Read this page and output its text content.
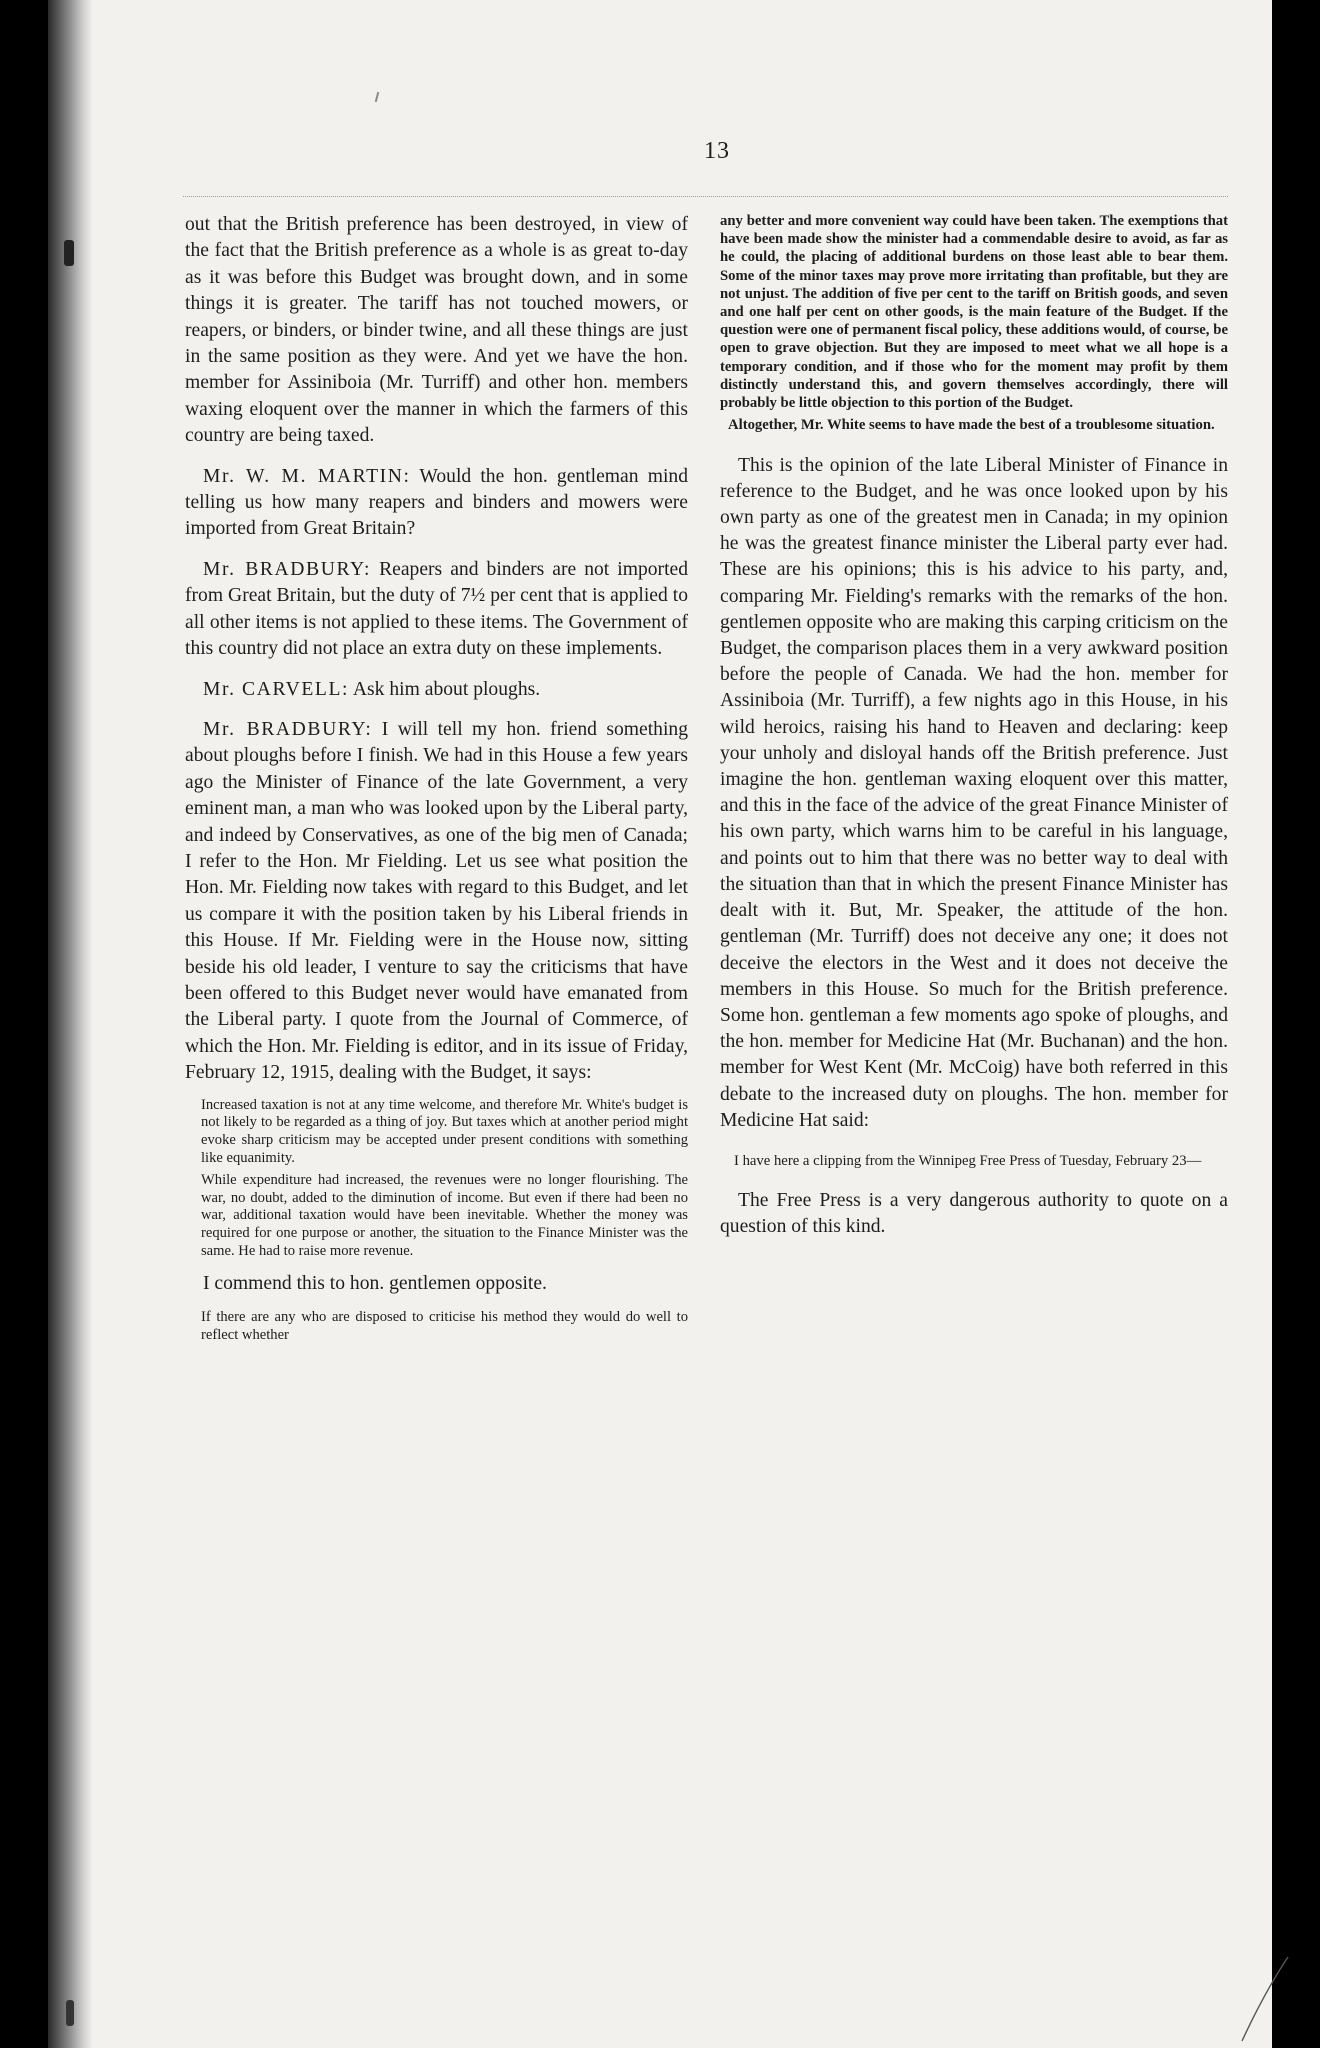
13

out that the British preference has been destroyed, in view of the fact that the British preference as a whole is as great to-day as it was before this Budget was brought down, and in some things it is greater. The tariff has not touched mowers, or reapers, or binders, or binder twine, and all these things are just in the same position as they were. And yet we have the hon. member for Assiniboia (Mr. Turriff) and other hon. members waxing eloquent over the manner in which the farmers of this country are being taxed.

Mr. W. M. MARTIN: Would the hon. gentleman mind telling us how many reapers and binders and mowers were imported from Great Britain?

Mr. BRADBURY: Reapers and binders are not imported from Great Britain, but the duty of 7½ per cent that is applied to all other items is not applied to these items. The Government of this country did not place an extra duty on these implements.

Mr. CARVELL: Ask him about ploughs.

Mr. BRADBURY: I will tell my hon. friend something about ploughs before I finish. We had in this House a few years ago the Minister of Finance of the late Government, a very eminent man, a man who was looked upon by the Liberal party, and indeed by Conservatives, as one of the big men of Canada; I refer to the Hon. Mr Fielding. Let us see what position the Hon. Mr. Fielding now takes with regard to this Budget, and let us compare it with the position taken by his Liberal friends in this House. If Mr. Fielding were in the House now, sitting beside his old leader, I venture to say the criticisms that have been offered to this Budget never would have emanated from the Liberal party. I quote from the Journal of Commerce, of which the Hon. Mr. Fielding is editor, and in its issue of Friday, February 12, 1915, dealing with the Budget, it says:

Increased taxation is not at any time welcome, and therefore Mr. White's budget is not likely to be regarded as a thing of joy. But taxes which at another period might evoke sharp criticism may be accepted under present conditions with something like equanimity.

While expenditure had increased, the revenues were no longer flourishing. The war, no doubt, added to the diminution of income. But even if there had been no war, additional taxation would have been inevitable. Whether the money was required for one purpose or another, the situation to the Finance Minister was the same. He had to raise more revenue.

I commend this to hon. gentlemen opposite.

If there are any who are disposed to criticise his method they would do well to reflect whether

any better and more convenient way could have been taken. The exemptions that have been made show the minister had a commendable desire to avoid, as far as he could, the placing of additional burdens on those least able to bear them. Some of the minor taxes may prove more irritating than profitable, but they are not unjust. The addition of five per cent to the tariff on British goods, and seven and one half per cent on other goods, is the main feature of the Budget. If the question were one of permanent fiscal policy, these additions would, of course, be open to grave objection. But they are imposed to meet what we all hope is a temporary condition, and if those who for the moment may profit by them distinctly understand this, and govern themselves accordingly, there will probably be little objection to this portion of the Budget.

Altogether, Mr. White seems to have made the best of a troublesome situation.

This is the opinion of the late Liberal Minister of Finance in reference to the Budget, and he was once looked upon by his own party as one of the greatest men in Canada; in my opinion he was the greatest finance minister the Liberal party ever had. These are his opinions; this is his advice to his party, and, comparing Mr. Fielding's remarks with the remarks of the hon. gentlemen opposite who are making this carping criticism on the Budget, the comparison places them in a very awkward position before the people of Canada. We had the hon. member for Assiniboia (Mr. Turriff), a few nights ago in this House, in his wild heroics, raising his hand to Heaven and declaring: keep your unholy and disloyal hands off the British preference. Just imagine the hon. gentleman waxing eloquent over this matter, and this in the face of the advice of the great Finance Minister of his own party, which warns him to be careful in his language, and points out to him that there was no better way to deal with the situation than that in which the present Finance Minister has dealt with it. But, Mr. Speaker, the attitude of the hon. gentleman (Mr. Turriff) does not deceive any one; it does not deceive the electors in the West and it does not deceive the members in this House. So much for the British preference. Some hon. gentleman a few moments ago spoke of ploughs, and the hon. member for Medicine Hat (Mr. Buchanan) and the hon. member for West Kent (Mr. McCoig) have both referred in this debate to the increased duty on ploughs. The hon. member for Medicine Hat said:

I have here a clipping from the Winnipeg Free Press of Tuesday, February 23—

The Free Press is a very dangerous authority to quote on a question of this kind.
